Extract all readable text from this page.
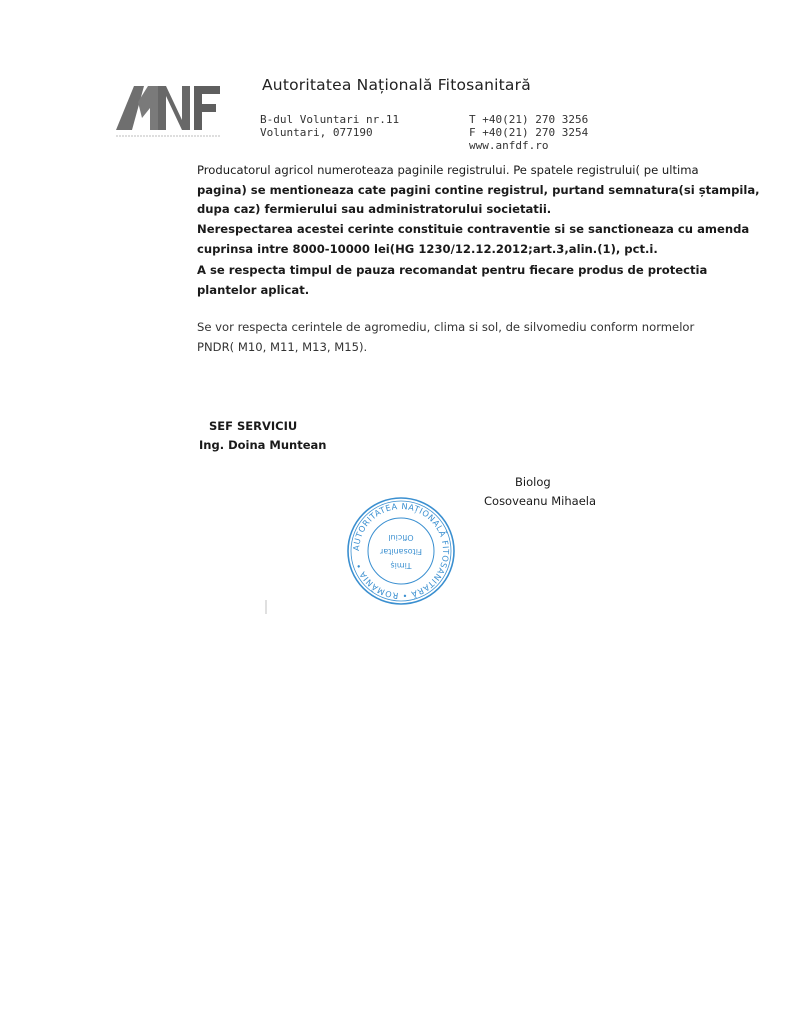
Autoritatea Națională Fitosanitară
B-dul Voluntari nr.11
Voluntari, 077190
T +40(21) 270 3256
F +40(21) 270 3254
www.anfdf.ro
Producatorul agricol numeroteaza paginile registrului. Pe spatele registrului( pe ultima
pagina) se mentioneaza cate pagini contine registrul, purtand semnatura(si ștampila,
dupa caz) fermierului sau administratorului societatii.
Nerespectarea acestei cerinte constituie contraventie si se sanctioneaza cu amenda
cuprinsa intre 8000-10000 lei(HG 1230/12.12.2012;art.3,alin.(1), pct.i.
A se respecta timpul de pauza recomandat pentru fiecare produs de protectia
plantelor aplicat.
Se vor respecta cerintele de agromediu, clima si sol, de silvomediu conform normelor
PNDR( M10, M11, M13, M15).
SEF SERVICIU
Ing. Doina Muntean
Biolog
Cosoveanu Mihaela
AUTORITATEA NAȚIONALĂ FITOSANITARĂ • ROMÂNIA •	Timiș
Fitosanitar
Oficiul
